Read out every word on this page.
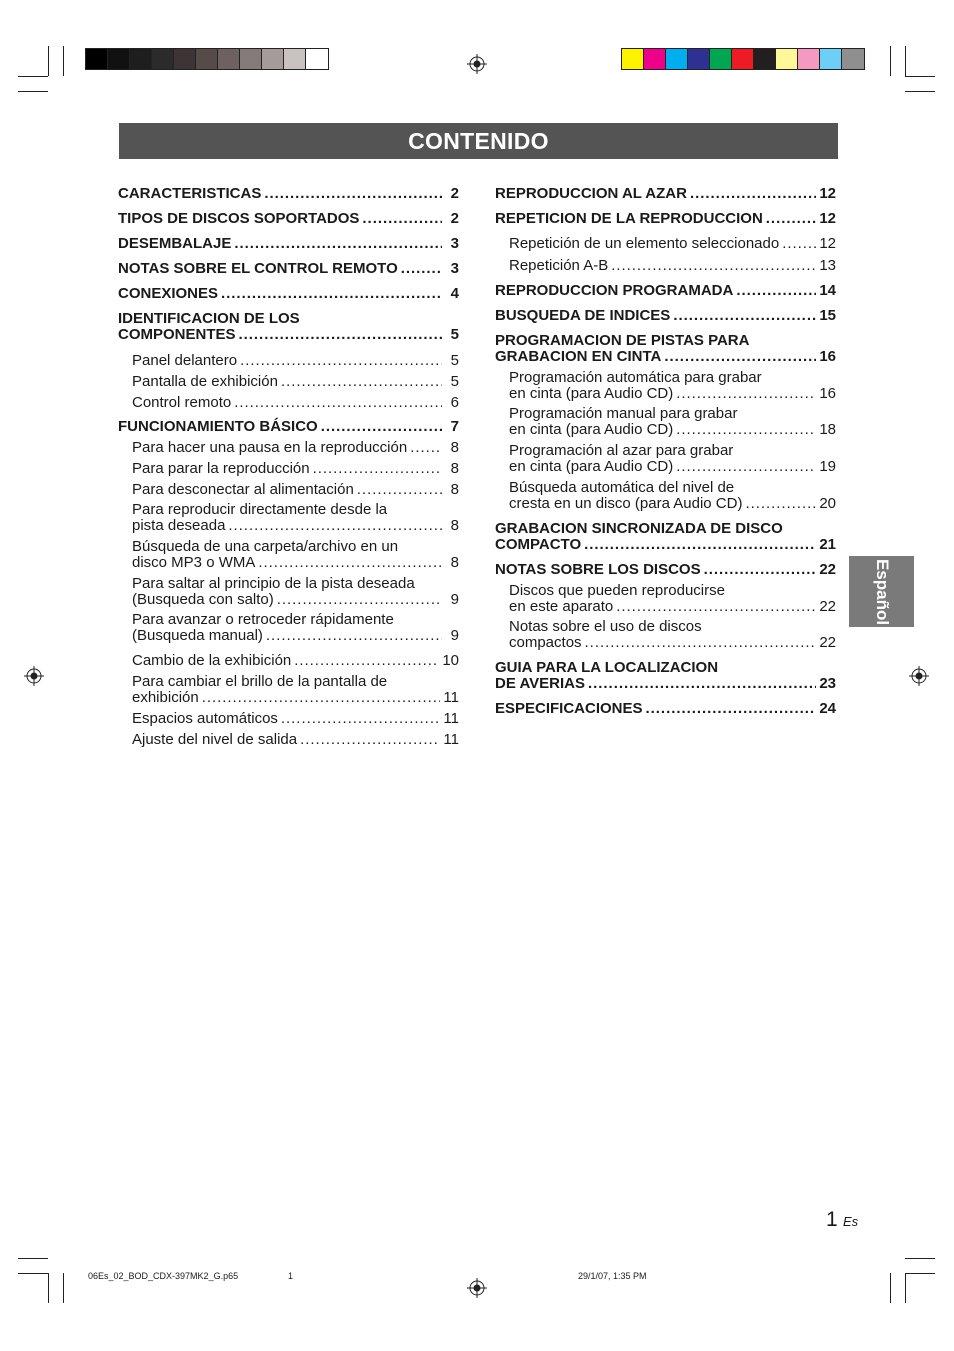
CONTENIDO
CARACTERISTICAS . . .	2
TIPOS DE DISCOS SOPORTADOS . . .	2
DESEMBALAJE . . .	3
NOTAS SOBRE EL CONTROL REMOTO . . .	3
CONEXIONES . . .	4
IDENTIFICACION DE LOS
COMPONENTES . . .	5
Panel delantero . . .	5
Pantalla de exhibición . . .	5
Control remoto . . .	6
FUNCIONAMIENTO BÁSICO . . .	7
Para hacer una pausa en la reproducción . . .	8
Para parar la reproducción . . .	8
Para desconectar al alimentación . . .	8
Para reproducir directamente desde la
pista deseada . . .	8
Búsqueda de una carpeta/archivo en un
disco MP3 o WMA . . .	8
Para saltar al principio de la pista deseada
(Busqueda con salto) . . .	9
Para avanzar o retroceder rápidamente
(Busqueda manual) . . .	9
Cambio de la exhibición . . .	10
Para cambiar el brillo de la pantalla de
exhibición . . .	11
Espacios automáticos . . .	11
Ajuste del nivel de salida . . .	11
REPRODUCCION AL AZAR . . .	12
REPETICION DE LA REPRODUCCION . . .	12
Repetición de un elemento seleccionado . . .	12
Repetición A-B . . .	13
REPRODUCCION PROGRAMADA . . .	14
BUSQUEDA DE INDICES . . .	15
PROGRAMACION DE PISTAS PARA
GRABACION EN CINTA . . .	16
Programación automática para grabar
en cinta (para Audio CD) . . .	16
Programación manual para grabar
en cinta (para Audio CD) . . .	18
Programación al azar para grabar
en cinta (para Audio CD) . . .	19
Búsqueda automática del nivel de
cresta en un disco (para Audio CD) . . .	20
GRABACION SINCRONIZADA DE DISCO
COMPACTO . . .	21
NOTAS SOBRE LOS DISCOS . . .	22
Discos que pueden reproducirse
en este aparato . . .	22
Notas sobre el uso de discos
compactos . . .	22
GUIA PARA LA LOCALIZACION
DE AVERIAS . . .	23
ESPECIFICACIONES . . .	24
Español
1 Es
06Es_02_BOD_CDX-397MK2_G.p65	1	29/1/07, 1:35 PM
